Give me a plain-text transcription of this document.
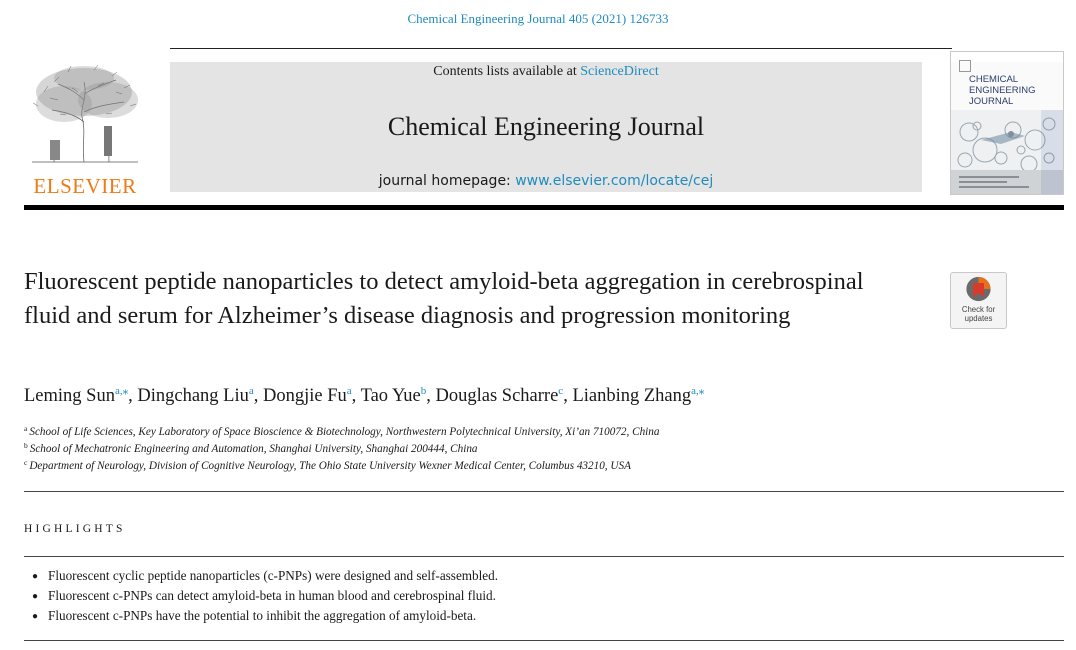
Chemical Engineering Journal 405 (2021) 126733
ELSEVIER
Contents lists available at ScienceDirect
Chemical Engineering Journal
journal homepage: www.elsevier.com/locate/cej
CHEMICAL
ENGINEERING
JOURNAL
Fluorescent peptide nanoparticles to detect amyloid-beta aggregation in cerebrospinal fluid and serum for Alzheimer’s disease diagnosis and progression monitoring	Check for
updates
Leming Sun$^{a,⁎}$, Dingchang Liu$^a$, Dongjie Fu$^a$, Tao Yue$^b$, Douglas Scharre$^c$, Lianbing Zhang$^{a,⁎}$
$^a$ School of Life Sciences, Key Laboratory of Space Bioscience & Biotechnology, Northwestern Polytechnical University, Xi’an 710072, China
$^b$ School of Mechatronic Engineering and Automation, Shanghai University, Shanghai 200444, China
$^c$ Department of Neurology, Division of Cognitive Neurology, The Ohio State University Wexner Medical Center, Columbus 43210, USA
HIGHLIGHTS
● Fluorescent cyclic peptide nanoparticles (c-PNPs) were designed and self-assembled.
● Fluorescent c-PNPs can detect amyloid-beta in human blood and cerebrospinal fluid.
● Fluorescent c-PNPs have the potential to inhibit the aggregation of amyloid-beta.
